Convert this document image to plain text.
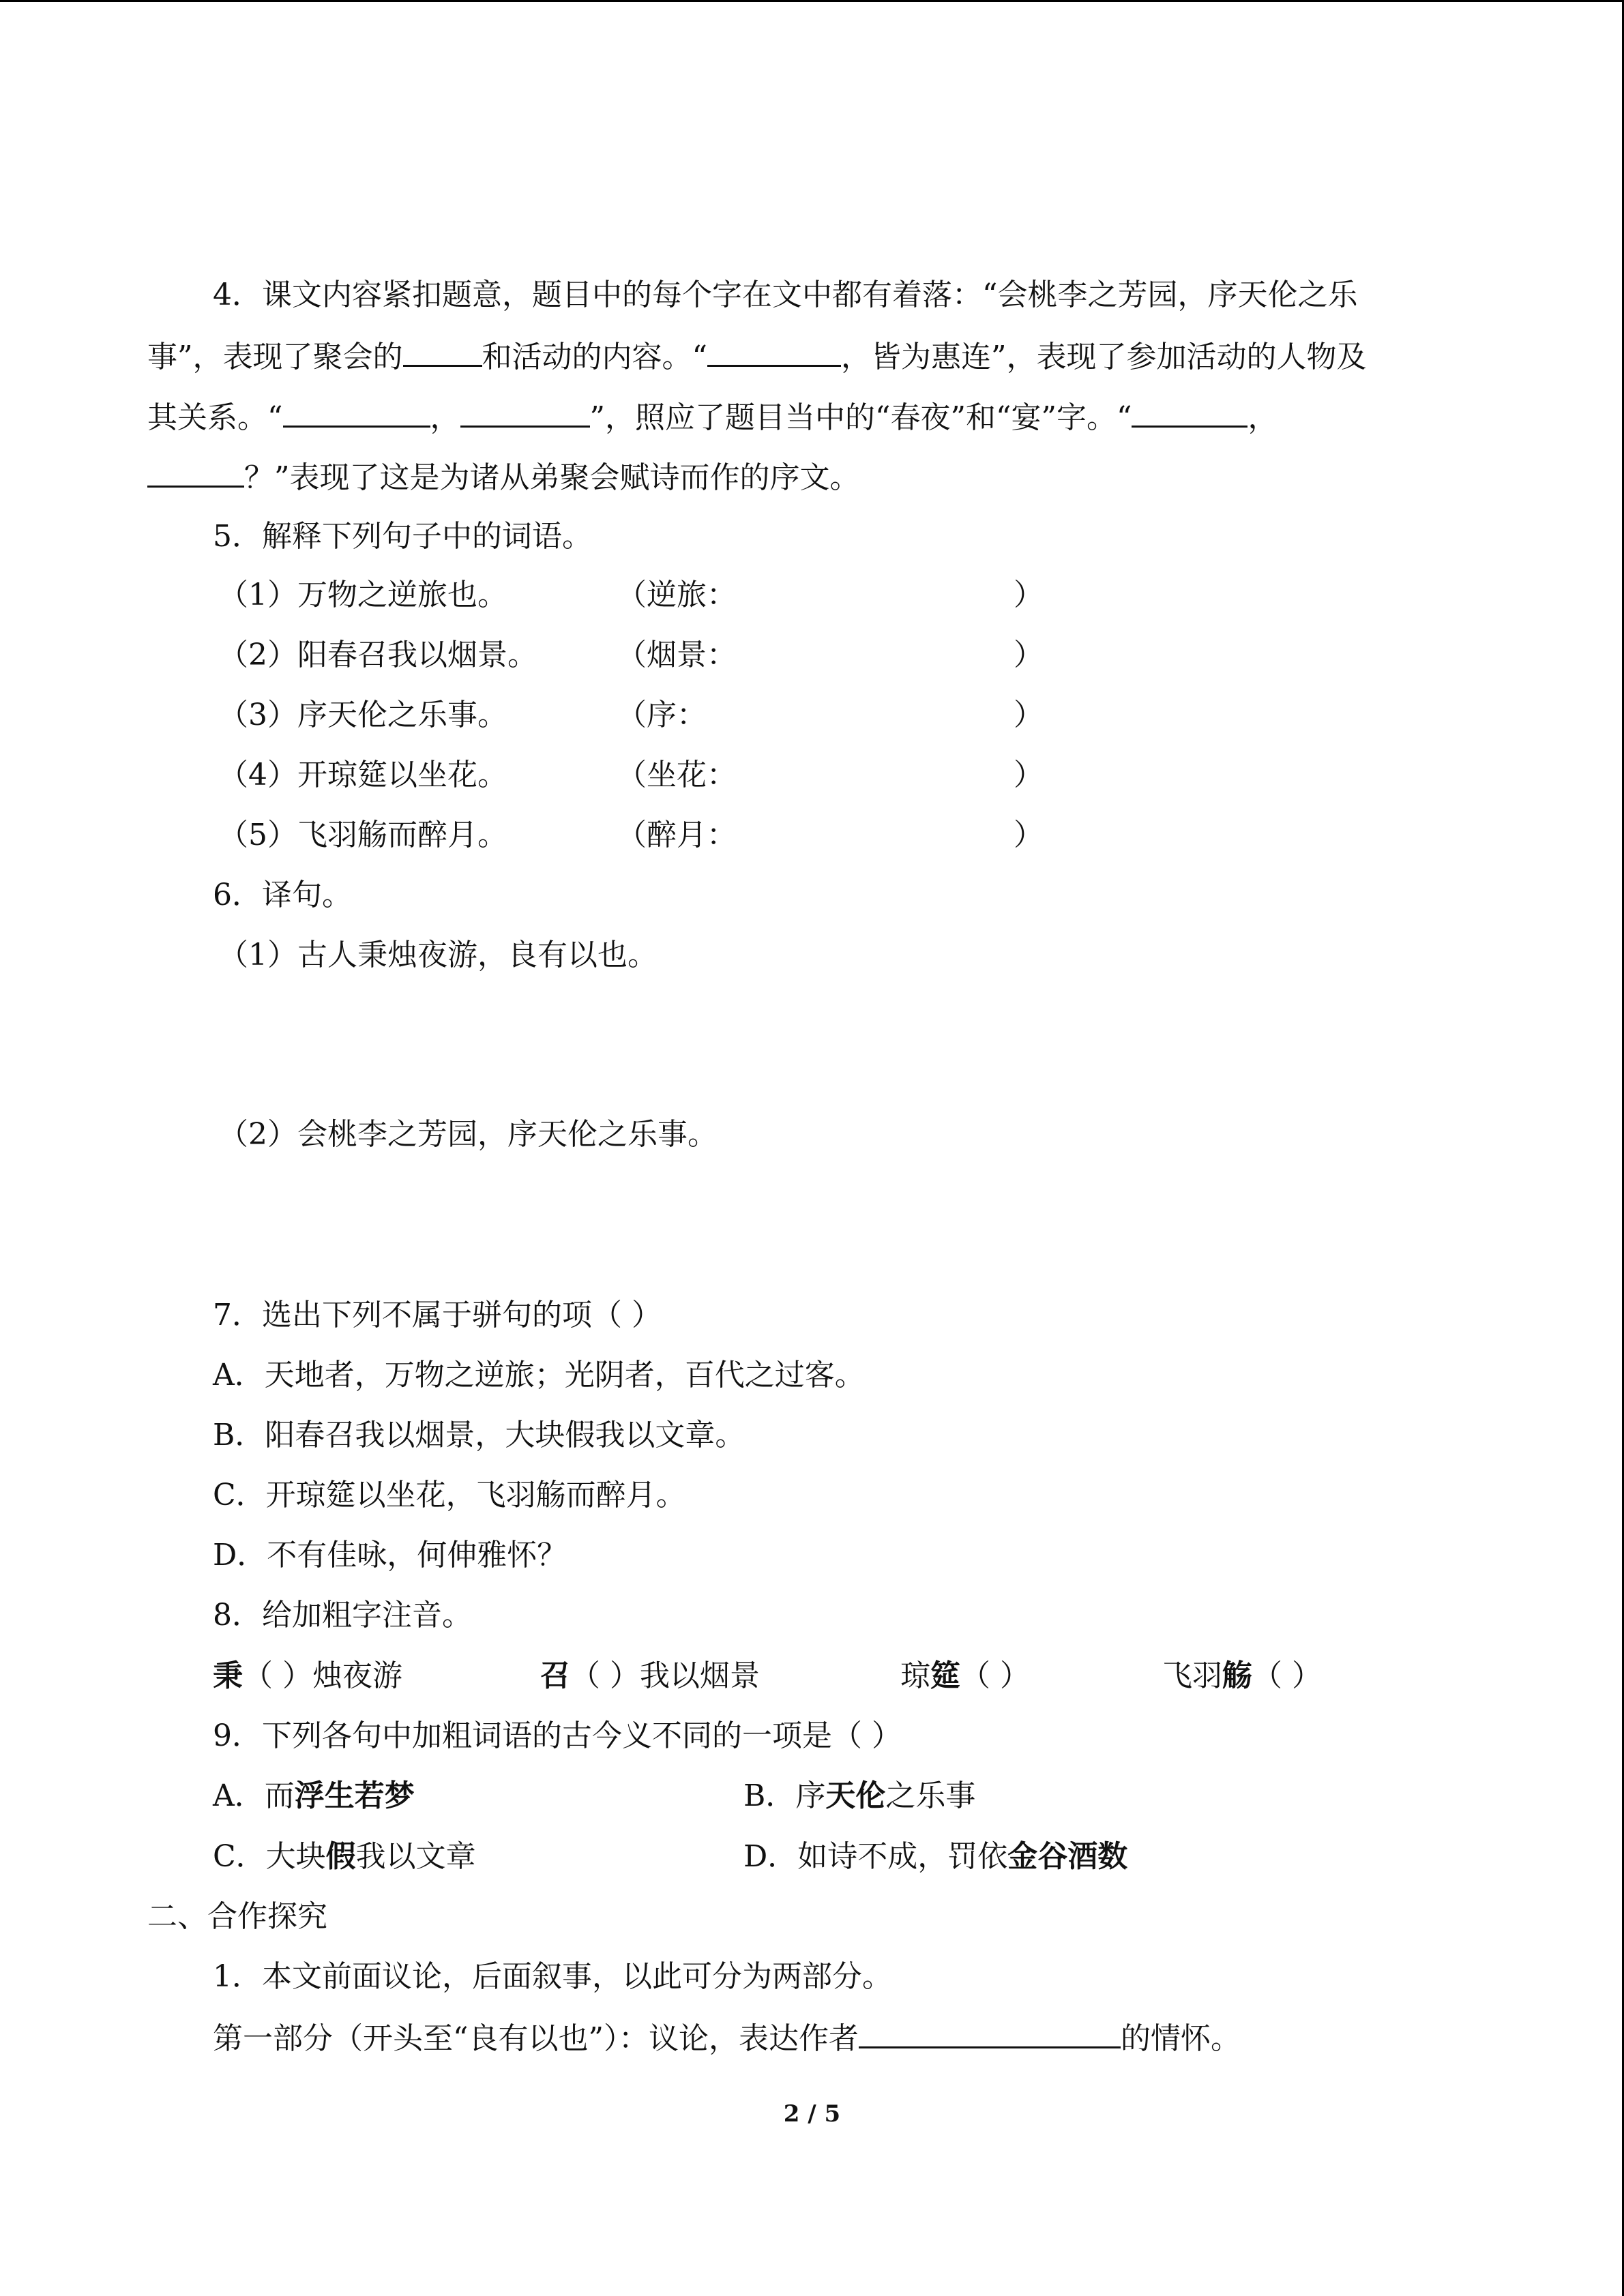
4．课文内容紧扣题意，题目中的每个字在文中都有着落：“会桃李之芳园，序天伦之乐
事”，表现了聚会的	和活动的内容。“	，皆为惠连”，表现了参加活动的人物及
其关系。“	，	”，照应了题目当中的“春夜”和“宴”字。“	，
？”表现了这是为诸从弟聚会赋诗而作的序文。
5．解释下列句子中的词语。
（1）万物之逆旅也。	（逆旅：	）
（2）阳春召我以烟景。	（烟景：	）
（3）序天伦之乐事。	（序：	）
（4）开琼筵以坐花。	（坐花：	）
（5）飞羽觞而醉月。	（醉月：	）
6．译句。
（1）古人秉烛夜游，良有以也。
（2）会桃李之芳园，序天伦之乐事。
7．选出下列不属于骈句的项（ ）
A．天地者，万物之逆旅；光阴者，百代之过客。
B．阳春召我以烟景，大块假我以文章。
C．开琼筵以坐花，飞羽觞而醉月。
D．不有佳咏，何伸雅怀？
8．给加粗字注音。
秉（ ）烛夜游	召（ ）我以烟景	琼筵（ ）	飞羽觞（ ）
9．下列各句中加粗词语的古今义不同的一项是（ ）
A．而浮生若梦	B．序天伦之乐事
C．大块假我以文章	D．如诗不成，罚依金谷酒数
二、合作探究
1．本文前面议论，后面叙事，以此可分为两部分。
第一部分（开头至“良有以也”）：议论，表达作者	的情怀。
2 / 5
